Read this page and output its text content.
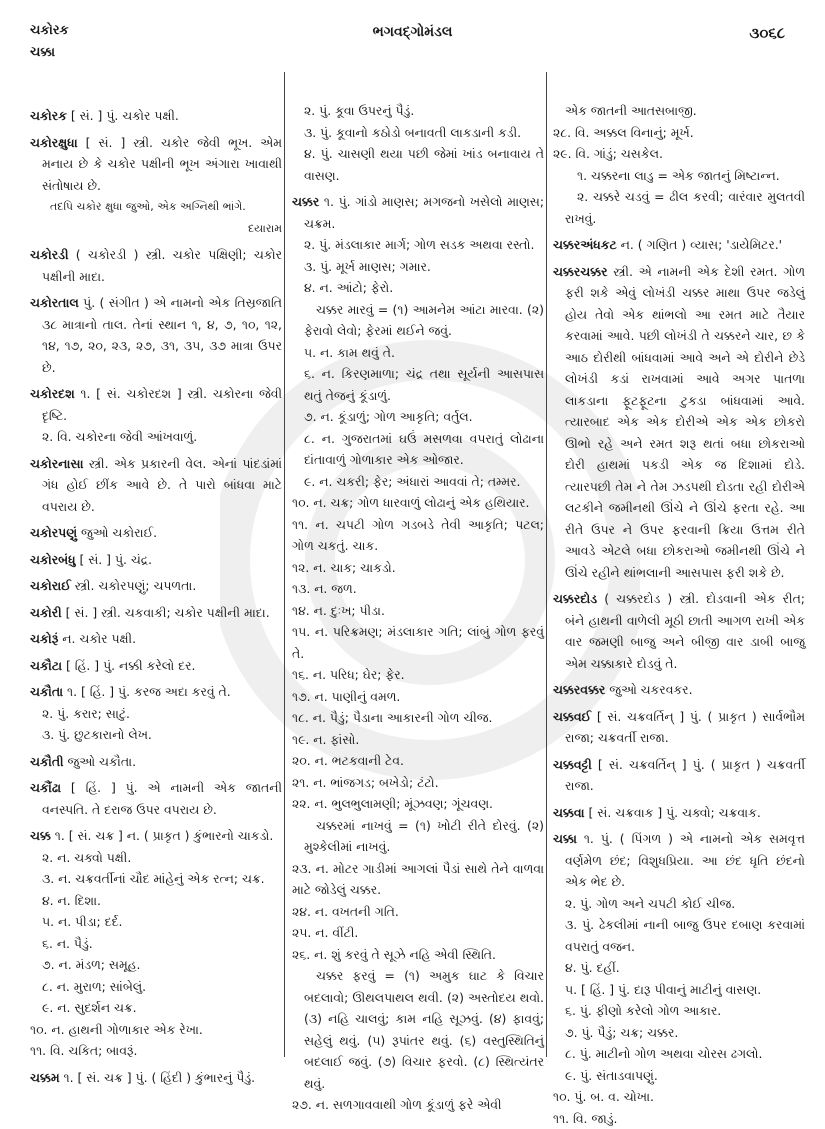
ચકોરક
ચક્કા
ભગવદ્ગોમંડલ	૩૦૬૮
ચકોરક [ સં. ] પું. ચકોર પક્ષી.
ચકોરક્ષુધા [ સં. ] સ્ત્રી. ચકોર જેવી ભૂખ. એમ મનાય છે કે ચકોર પક્ષીની ભૂખ અંગારા ખાવાથી સંતોષાય છે.
તદપિ ચકોર ક્ષુધા જુઓ, એક અગ્નિથી ભાંગે.
દયારામ
ચકોરડી ( ચકોરડી ) સ્ત્રી. ચકોર પક્ષિણી; ચકોર પક્ષીની માદા.
ચકોરતાલ પું. ( સંગીત ) એ નામનો એક તિસ્રજાતિ ૩૮ માત્રાનો તાલ. તેનાં સ્થાન ૧, ૪, ૭, ૧૦, ૧૨, ૧૪, ૧૭, ૨૦, ૨૩, ૨૭, ૩૧, ૩૫, ૩૭ માત્રા ઉપર છે.
ચકોરદશ ૧. [ સં. ચકોરદશ ] સ્ત્રી. ચકોરના જેવી દૃષ્ટિ.
૨. વિ. ચકોરના જેવી આંખવાળું.
ચકોરનાસા સ્ત્રી. એક પ્રકારની વેલ. એનાં પાંદડાંમાં ગંધ હોઈ છીંક આવે છે. તે પારો બાંધવા માટે વપરાય છે.
ચકોરપણું જુઓ ચકોરાઈ.
ચકોરબંધુ [ સં. ] પું. ચંદ્ર.
ચકોરાઈ સ્ત્રી. ચકોરપણું; ચપળતા.
ચકોરી [ સં. ] સ્ત્રી. ચકવાકી; ચકોર પક્ષીની માદા.
ચકોરૂં ન. ચકોર પક્ષી.
ચકૌટા [ હિં. ] પું. નક્કી કરેલો દર.
ચકૌતા ૧. [ હિં. ] પું. કરજ અદા કરવું તે.
૨. પું. કરાર; સાટું.
૩. પું. છુટકારાનો લેખ.
ચકૌતી જુઓ ચકૌતા.
ચકૌંઢા [ હિં. ] પું. એ નામની એક જાતની વનસ્પતિ. તે દરાજ ઉપર વપરાય છે.
ચક્ક ૧. [ સં. ચક્ર ] ન. ( પ્રાકૃત ) કુંભારનો ચાકડો.
૨. ન. ચક્વો પક્ષી.
૩. ન. ચક્રવર્તીનાં ચૌદ માંહેનું એક રત્ન; ચક્ર.
૪. ન. દિશા.
૫. ન. પીડા; દર્દ.
૬. ન. પૈડું.
૭. ન. મંડળ; સમૂહ.
૮. ન. મુરાળ; સાંબેલું.
૯. ન. સુદર્શન ચક્ર.
૧૦. ન. હાથની ગોળાકાર એક રેખા.
૧૧. વિ. ચકિત; બાવરૂં.
ચક્કમ ૧. [ સં. ચક્ર ] પું. ( હિંદી ) કુંભારનું પૈડું.
૨. પું. કૂવા ઉપરનું પૈડું.
૩. પું. કૂવાનો કઠોડો બનાવતી લાકડાની કડી.
૪. પું. ચાસણી થયા પછી જેમાં ખાંડ બનાવાય તે વાસણ.
ચક્કર ૧. પું. ગાંડો માણસ; મગજનો ખસેલો માણસ; ચક્રમ.
૨. પું. મંડલાકાર માર્ગ; ગોળ સડક અથવા રસ્તો.
૩. પું. મૂર્ખ માણસ; ગમાર.
૪. ન. આંટો; ફેરો.
ચક્કર મારવું = (૧) આમનેમ આંટા મારવા. (૨) ફેરાવો લેવો; ફેરમાં થઈને જવું.
૫. ન. કામ થવું તે.
૬. ન. કિરણમાળા; ચંદ્ર તથા સૂર્યની આસપાસ થતું તેજનું કૂંડાળું.
૭. ન. કૂંડાળું; ગોળ આકૃતિ; વર્તુલ.
૮. ન. ગુજરાતમાં ઘઉં મસળવા વપરાતું લોઢાના દાંતાવાળું ગોળાકાર એક ઓજાર.
૯. ન. ચકરી; ફેર; અંધારાં આવવાં તે; તમ્મર.
૧૦. ન. ચક્ર; ગોળ ધારવાળું લોઢાનું એક હથિયાર.
૧૧. ન. ચપટી ગોળ ગડબડે તેવી આકૃતિ; પટલ; ગોળ ચકતું. ચાક.
૧૨. ન. ચાક; ચાકડો.
૧૩. ન. જળ.
૧૪. ન. દુઃખ; પીડા.
૧૫. ન. પરિક્રમણ; મંડલાકાર ગતિ; લાંબું ગોળ ફરવું તે.
૧૬. ન. પરિધ; ઘેર; ફેર.
૧૭. ન. પાણીનું વમળ.
૧૮. ન. પૈડું; પૈડાના આકારની ગોળ ચીજ.
૧૯. ન. ફાંસો.
૨૦. ન. ભટકવાની ટેવ.
૨૧. ન. ભાંજગડ; બખેડો; ટંટો.
૨૨. ન. ભુલભુલામણી; મૂંઝવણ; ગૂંચવણ.
ચક્કરમાં નાખવું = (૧) ખોટી રીતે દોરવું. (૨) મુશ્કેલીમાં નાખવું.
૨૩. ન. મોટર ગાડીમાં આગલાં પૈડાં સાથે તેને વાળવા માટે જોડેલું ચક્કર.
૨૪. ન. વખતની ગતિ.
૨૫. ન. વીંટી.
૨૬. ન. શું કરવું તે સૂઝે નહિ એવી સ્થિતિ.
ચક્કર ફરવું = (૧) અમુક ઘાટ કે વિચાર બદલાવો; ઊથલપાથલ થવી. (૨) અસ્તોદય થવો. (૩) નહિ ચાલવું; કામ નહિ સૂઝવું. (૪) ફાવવું; સહેલું થવું. (૫) રૂપાંતર થવું. (૬) વસ્તુસ્થિતિનું બદલાઈ જવું. (૭) વિચાર ફરવો. (૮) સ્થિત્યંતર થવું.
૨૭. ન. સળગાવવાથી ગોળ કૂંડાળું ફરે એવી
એક જાતની આતસબાજી.
૨૮. વિ. અક્કલ વિનાનું; મૂર્ખ.
૨૯. વિ. ગાંડું; ચસકેલ.
૧. ચક્કરના લાડુ = એક જાતનું મિષ્ટાન્ન.
૨. ચક્કરે ચડવું = ઢીલ કરવી; વારંવાર મુલતવી રાખવું.
ચક્કરઅંધકટ ન. ( ગણિત ) વ્યાસ; 'ડાયેમિટર.'
ચક્કરચક્કર સ્ત્રી. એ નામની એક દેશી રમત. ગોળ ફરી શકે એવું લોખંડી ચક્કર માથા ઉપર જડેલું હોય તેવો એક થાંભલો આ રમત માટે તૈયાર કરવામાં આવે. પછી લોખંડી તે ચક્કરને ચાર, છ કે આઠ દોરીથી બાંધવામાં આવે અને એ દોરીને છેડે લોખંડી કડાં રાખવામાં આવે અગર પાતળા લાકડાના ફૂટફૂટના ટુકડા બાંધવામાં આવે. ત્યારબાદ એક એક દોરીએ એક એક છોકરો ઊભો રહે અને રમત શરૂ થતાં બધા છોકરાઓ દોરી હાથમાં પકડી એક જ દિશામાં દોડે. ત્યારપછી તેમ ને તેમ ઝડપથી દોડતા રહી દોરીએ લટકીને જમીનથી ઊંચે ને ઊંચે ફરતા રહે. આ રીતે ઉપર ને ઉપર ફરવાની ક્રિયા ઉત્તમ રીતે આવડે એટલે બધા છોકરાઓ જમીનથી ઊંચે ને ઊંચે રહીને થાંભલાની આસપાસ ફરી શકે છે.
ચક્કરદોડ ( ચક્કરદોડ ) સ્ત્રી. દોડવાની એક રીત; બંને હાથની વાળેલી મૂઠી છાતી આગળ રાખી એક વાર જમણી બાજુ અને બીજી વાર ડાબી બાજુ એમ ચક્કાકારે દોડવું તે.
ચક્કરવક્કર જુઓ ચકરવકર.
ચક્કવઈ [ સં. ચક્રવર્તિન્ ] પું. ( પ્રાકૃત ) સાર્વભૌમ રાજા; ચક્રવર્તી રાજા.
ચક્કવટ્ટી [ સં. ચક્રવર્તિન્ ] પું. ( પ્રાકૃત ) ચક્રવર્તી રાજા.
ચક્કવા [ સં. ચક્રવાક ] પું. ચક્વો; ચક્રવાક.
ચક્કા ૧. પું. ( પિંગળ ) એ નામનો એક સમવૃત્ત વર્ણમેળ છંદ; વિશુધપ્રિયા. આ છંદ ધૃતિ છંદનો એક ભેદ છે.
૨. પું. ગોળ અને ચપટી કોઈ ચીજ.
૩. પું. ઢેકલીમાં નાની બાજુ ઉપર દબાણ કરવામાં વપરાતું વજન.
૪. પું. દહીં.
૫. [ હિં. ] પું. દારૂ પીવાનું માટીનું વાસણ.
૬. પું. ફીણો કરેલો ગોળ આકાર.
૭. પું. પૈડું; ચક્ર; ચક્કર.
૮. પું. માટીનો ગોળ અથવા ચોરસ ઢગલો.
૯. પું. સંતાડવાપણું.
૧૦. પું. બ. વ. ચોખા.
૧૧. વિ. જાડું.
